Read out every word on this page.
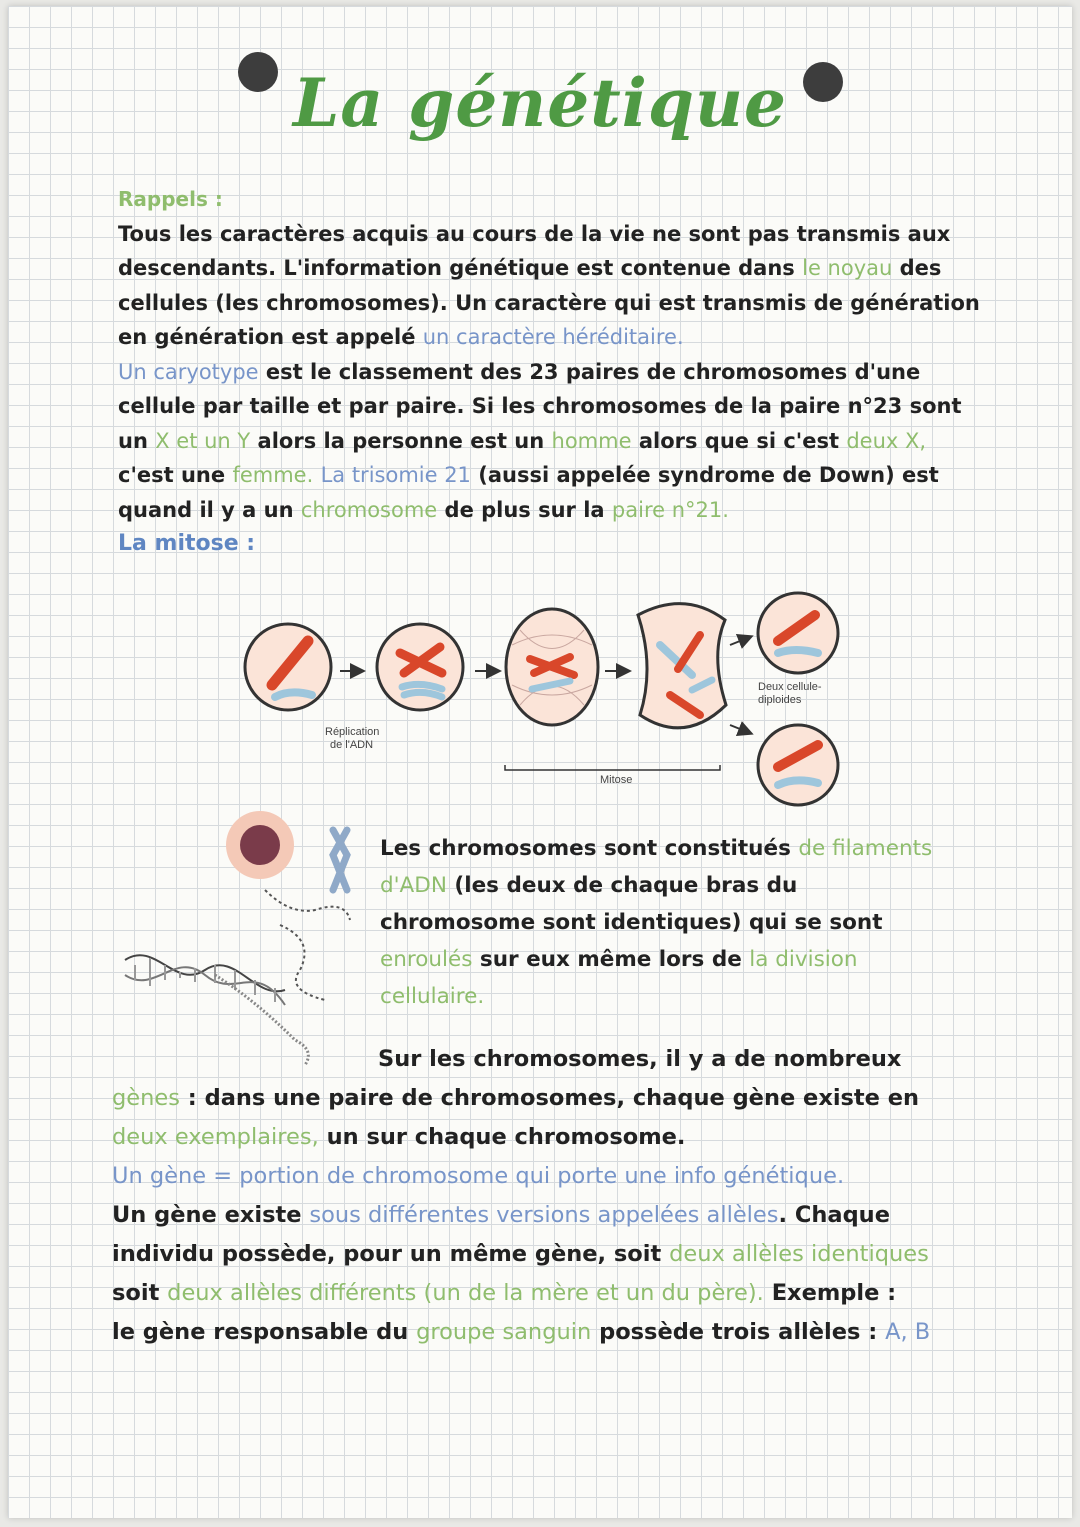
La génétique
Rappels :
Tous les caractères acquis au cours de la vie ne sont pas transmis aux
descendants. L'information génétique est contenue dans le noyau des
cellules (les chromosomes). Un caractère qui est transmis de génération
en génération est appelé un caractère héréditaire.
Un caryotype est le classement des 23 paires de chromosomes d'une
cellule par taille et par paire. Si les chromosomes de la paire n°23 sont
un X et un Y alors la personne est un homme alors que si c'est deux X,
c'est une femme. La trisomie 21 (aussi appelée syndrome de Down) est
quand il y a un chromosome de plus sur la paire n°21.
La mitose :
Réplication
de l'ADN
Deux cellule-
diploides
Mitose
Les chromosomes sont constitués de filaments
d'ADN (les deux de chaque bras du
chromosome sont identiques) qui se sont
enroulés sur eux même lors de la division
cellulaire.
Sur les chromosomes, il y a de nombreux
gènes : dans une paire de chromosomes, chaque gène existe en
deux exemplaires, un sur chaque chromosome.
Un gène = portion de chromosome qui porte une info génétique.
Un gène existe sous différentes versions appelées allèles. Chaque
individu possède, pour un même gène, soit deux allèles identiques
soit deux allèles différents (un de la mère et un du père). Exemple :
le gène responsable du groupe sanguin possède trois allèles : A, B
